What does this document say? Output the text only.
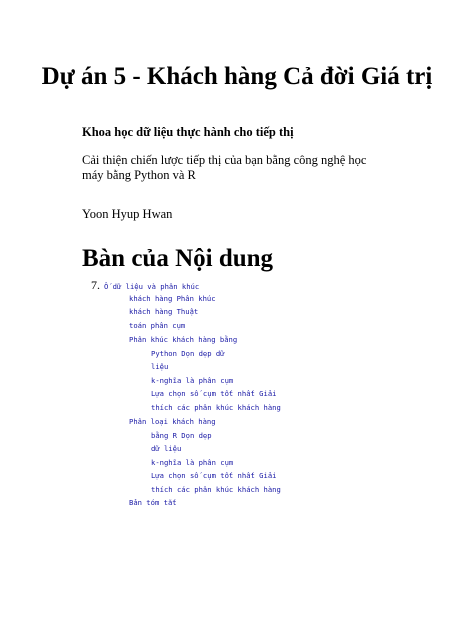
Dự án 5 - Khách hàng Cả đời Giá trị
Khoa học dữ liệu thực hành cho tiếp thị
Cải thiện chiến lược tiếp thị của bạn bằng công nghệ học máy bằng Python và R
Yoon Hyup Hwan
Bàn của Nội dung
7. Ố dữ liệu và phân khúc
khách hàng Phân khúc
khách hàng Thuật
toán phân cụm
Phân khúc khách hàng bằng
Python Dọn dẹp dữ
liệu
k-nghĩa là phân cụm
Lựa chọn số cụm tốt nhất Giải
thích các phân khúc khách hàng
Phân loại khách hàng
bằng R Dọn dẹp
dữ liệu
k-nghĩa là phân cụm
Lựa chọn số cụm tốt nhất Giải
thích các phân khúc khách hàng
Bản tóm tắt
